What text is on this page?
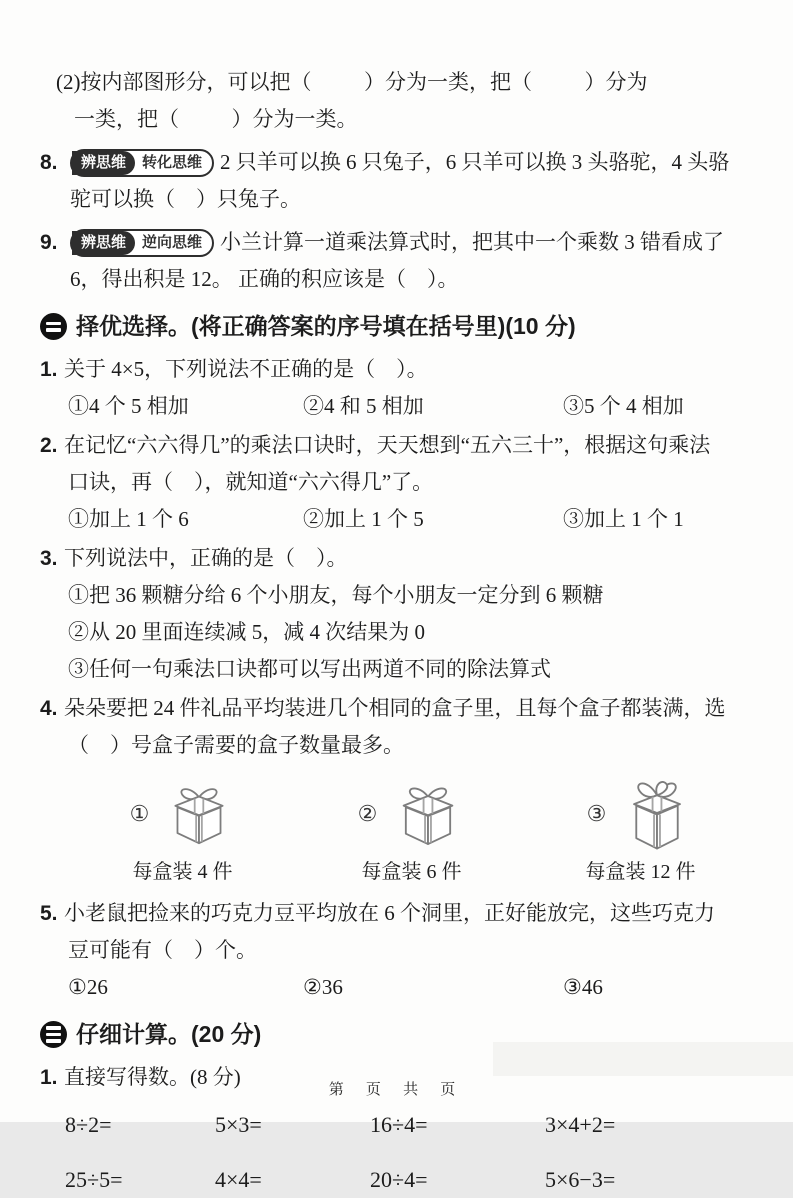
(2)按内部图形分，可以把（          ）分为一类，把（          ）分为
一类，把（          ）分为一类。
8.	辨思维	转化思维 2 只羊可以换 6 只兔子，6 只羊可以换 3 头骆驼，4 头骆
驼可以换（    ）只兔子。
9.	辨思维	逆向思维 小兰计算一道乘法算式时，把其中一个乘数 3 错看成了
6，得出积是 12。 正确的积应该是（    ）。
择优选择。(将正确答案的序号填在括号里)(10 分)
1. 关于 4×5，下列说法不正确的是（    ）。
①4 个 5 相加	②4 和 5 相加	③5 个 4 相加
2. 在记忆“六六得几”的乘法口诀时，天天想到“五六三十”，根据这句乘法
口诀，再（    ），就知道“六六得几”了。
①加上 1 个 6	②加上 1 个 5	③加上 1 个 1
3. 下列说法中，正确的是（    ）。
①把 36 颗糖分给 6 个小朋友，每个小朋友一定分到 6 颗糖
②从 20 里面连续减 5，减 4 次结果为 0
③任何一句乘法口诀都可以写出两道不同的除法算式
4. 朵朵要把 24 件礼品平均装进几个相同的盒子里，且每个盒子都装满，选
（    ）号盒子需要的盒子数量最多。
①
每盒装 4 件
②
每盒装 6 件
③
每盒装 12 件
5. 小老鼠把捡来的巧克力豆平均放在 6 个洞里，正好能放完，这些巧克力
豆可能有（    ）个。
①26	②36	③46
仔细计算。(20 分)
1. 直接写得数。(8 分)
8÷2=	5×3=	16÷4=	3×4+2=
25÷5=	4×4=	20÷4=	5×6−3=
第 页 共 页
